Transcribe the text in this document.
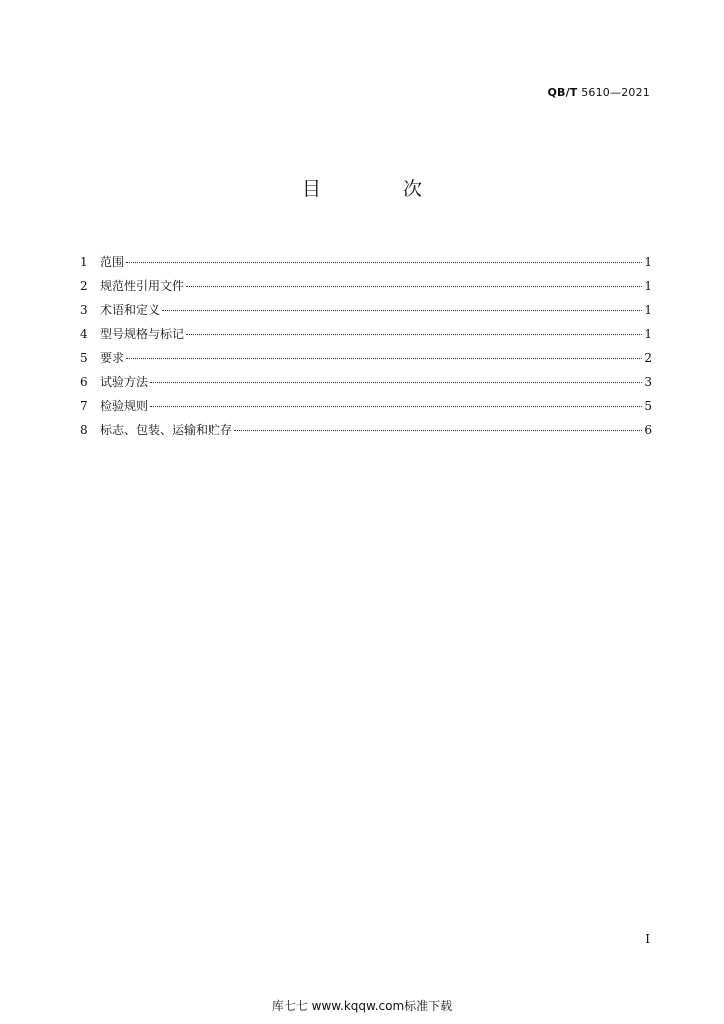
QB/T 5610—2021
目 次
1	范围	1
2	规范性引用文件	1
3	术语和定义	1
4	型号规格与标记	1
5	要求	2
6	试验方法	3
7	检验规则	5
8	标志、包装、运输和贮存	6
I
库七七 www.kqqw.com标准下载
